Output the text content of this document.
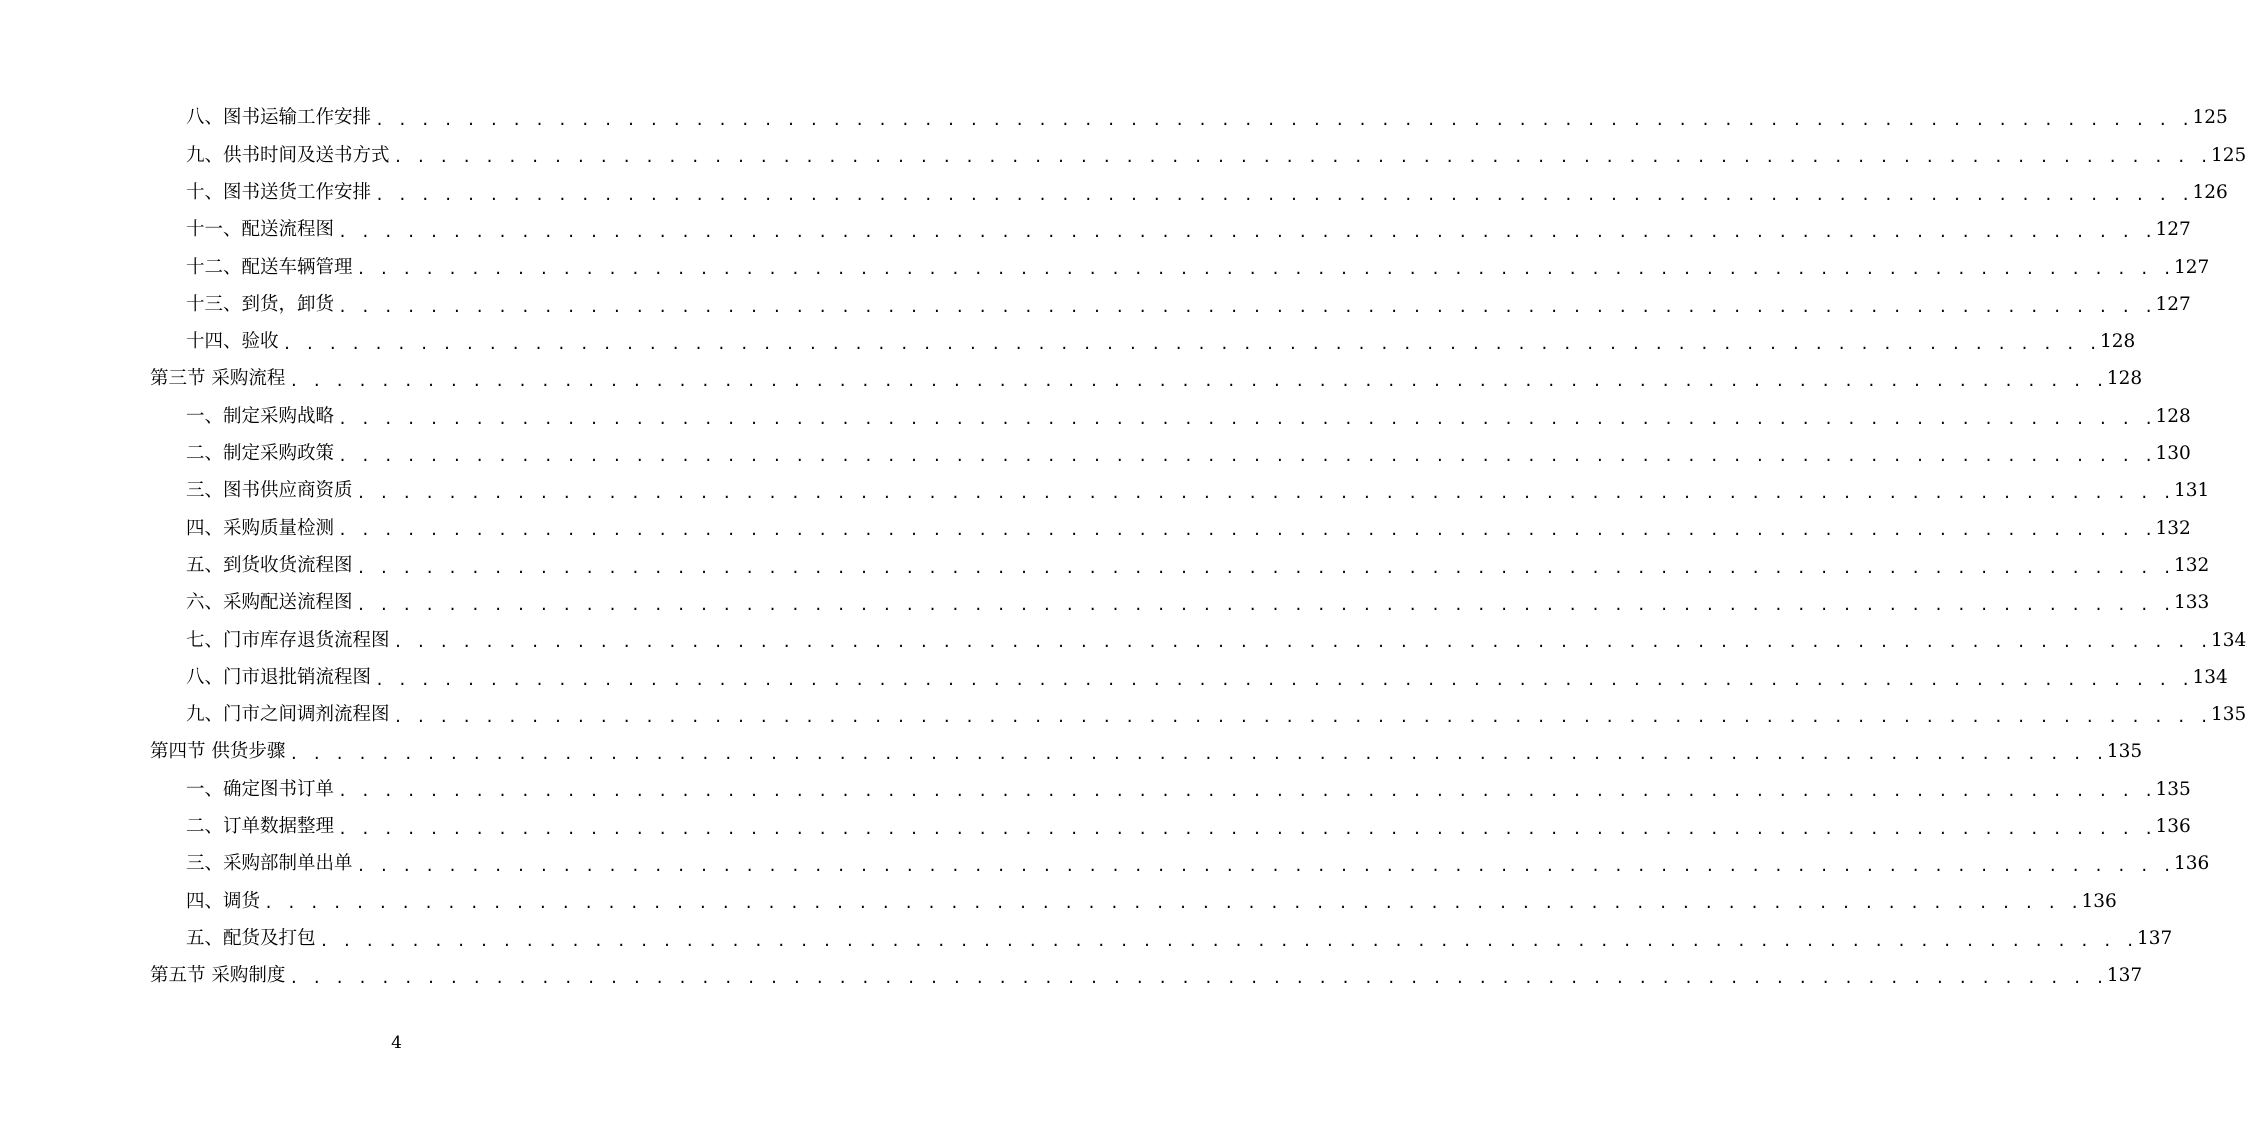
八、图书运输工作安排 . . . . . . . . . . . . . . . . . . . . . . . . . . . . . . . . . . . . . . . . . . . . . . . . . . . . . . . . . . . . . . . . . . . . . . . . . . . . . . . . 125
九、供书时间及送书方式 . . . . . . . . . . . . . . . . . . . . . . . . . . . . . . . . . . . . . . . . . . . . . . . . . . . . . . . . . . . . . . . . . . . . . . . . . . . . . . . . 125
十、图书送货工作安排 . . . . . . . . . . . . . . . . . . . . . . . . . . . . . . . . . . . . . . . . . . . . . . . . . . . . . . . . . . . . . . . . . . . . . . . . . . . . . . . . 126
十一、配送流程图 . . . . . . . . . . . . . . . . . . . . . . . . . . . . . . . . . . . . . . . . . . . . . . . . . . . . . . . . . . . . . . . . . . . . . . . . . . . . . . . . 127
十二、配送车辆管理 . . . . . . . . . . . . . . . . . . . . . . . . . . . . . . . . . . . . . . . . . . . . . . . . . . . . . . . . . . . . . . . . . . . . . . . . . . . . . . . . 127
十三、到货，卸货 . . . . . . . . . . . . . . . . . . . . . . . . . . . . . . . . . . . . . . . . . . . . . . . . . . . . . . . . . . . . . . . . . . . . . . . . . . . . . . . . 127
十四、验收 . . . . . . . . . . . . . . . . . . . . . . . . . . . . . . . . . . . . . . . . . . . . . . . . . . . . . . . . . . . . . . . . . . . . . . . . . . . . . . . . 128
第三节 采购流程 . . . . . . . . . . . . . . . . . . . . . . . . . . . . . . . . . . . . . . . . . . . . . . . . . . . . . . . . . . . . . . . . . . . . . . . . . . . . . . . . 128
一、制定采购战略 . . . . . . . . . . . . . . . . . . . . . . . . . . . . . . . . . . . . . . . . . . . . . . . . . . . . . . . . . . . . . . . . . . . . . . . . . . . . . . . . 128
二、制定采购政策 . . . . . . . . . . . . . . . . . . . . . . . . . . . . . . . . . . . . . . . . . . . . . . . . . . . . . . . . . . . . . . . . . . . . . . . . . . . . . . . . 130
三、图书供应商资质 . . . . . . . . . . . . . . . . . . . . . . . . . . . . . . . . . . . . . . . . . . . . . . . . . . . . . . . . . . . . . . . . . . . . . . . . . . . . . . . . 131
四、采购质量检测 . . . . . . . . . . . . . . . . . . . . . . . . . . . . . . . . . . . . . . . . . . . . . . . . . . . . . . . . . . . . . . . . . . . . . . . . . . . . . . . . 132
五、到货收货流程图 . . . . . . . . . . . . . . . . . . . . . . . . . . . . . . . . . . . . . . . . . . . . . . . . . . . . . . . . . . . . . . . . . . . . . . . . . . . . . . . . 132
六、采购配送流程图 . . . . . . . . . . . . . . . . . . . . . . . . . . . . . . . . . . . . . . . . . . . . . . . . . . . . . . . . . . . . . . . . . . . . . . . . . . . . . . . . 133
七、门市库存退货流程图 . . . . . . . . . . . . . . . . . . . . . . . . . . . . . . . . . . . . . . . . . . . . . . . . . . . . . . . . . . . . . . . . . . . . . . . . . . . . . . . . 134
八、门市退批销流程图 . . . . . . . . . . . . . . . . . . . . . . . . . . . . . . . . . . . . . . . . . . . . . . . . . . . . . . . . . . . . . . . . . . . . . . . . . . . . . . . . 134
九、门市之间调剂流程图 . . . . . . . . . . . . . . . . . . . . . . . . . . . . . . . . . . . . . . . . . . . . . . . . . . . . . . . . . . . . . . . . . . . . . . . . . . . . . . . . 135
第四节 供货步骤 . . . . . . . . . . . . . . . . . . . . . . . . . . . . . . . . . . . . . . . . . . . . . . . . . . . . . . . . . . . . . . . . . . . . . . . . . . . . . . . . 135
一、确定图书订单 . . . . . . . . . . . . . . . . . . . . . . . . . . . . . . . . . . . . . . . . . . . . . . . . . . . . . . . . . . . . . . . . . . . . . . . . . . . . . . . . 135
二、订单数据整理 . . . . . . . . . . . . . . . . . . . . . . . . . . . . . . . . . . . . . . . . . . . . . . . . . . . . . . . . . . . . . . . . . . . . . . . . . . . . . . . . 136
三、采购部制单出单 . . . . . . . . . . . . . . . . . . . . . . . . . . . . . . . . . . . . . . . . . . . . . . . . . . . . . . . . . . . . . . . . . . . . . . . . . . . . . . . . 136
四、调货 . . . . . . . . . . . . . . . . . . . . . . . . . . . . . . . . . . . . . . . . . . . . . . . . . . . . . . . . . . . . . . . . . . . . . . . . . . . . . . . . 136
五、配货及打包 . . . . . . . . . . . . . . . . . . . . . . . . . . . . . . . . . . . . . . . . . . . . . . . . . . . . . . . . . . . . . . . . . . . . . . . . . . . . . . . . 137
第五节 采购制度 . . . . . . . . . . . . . . . . . . . . . . . . . . . . . . . . . . . . . . . . . . . . . . . . . . . . . . . . . . . . . . . . . . . . . . . . . . . . . . . . 137
4
